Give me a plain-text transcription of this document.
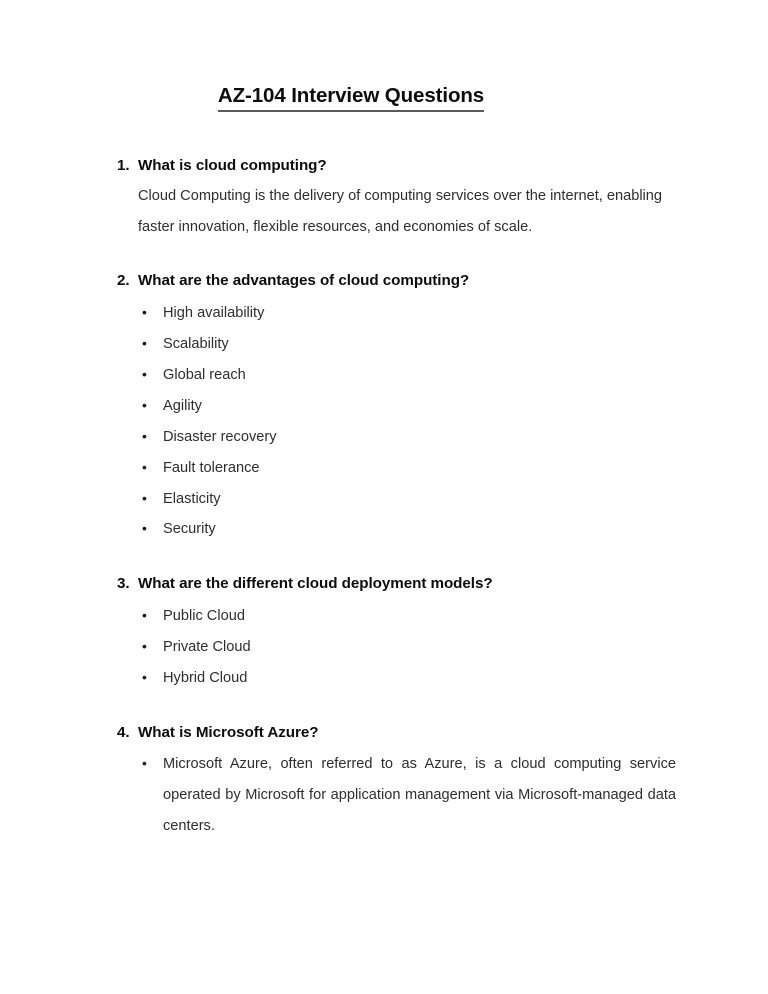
AZ-104 Interview Questions
1. What is cloud computing?
Cloud Computing is the delivery of computing services over the internet, enabling faster innovation, flexible resources, and economies of scale.
2. What are the advantages of cloud computing?
• High availability
• Scalability
• Global reach
• Agility
• Disaster recovery
• Fault tolerance
• Elasticity
• Security
3. What are the different cloud deployment models?
• Public Cloud
• Private Cloud
• Hybrid Cloud
4. What is Microsoft Azure?
• Microsoft Azure, often referred to as Azure, is a cloud computing service operated by Microsoft for application management via Microsoft-managed data centers.
